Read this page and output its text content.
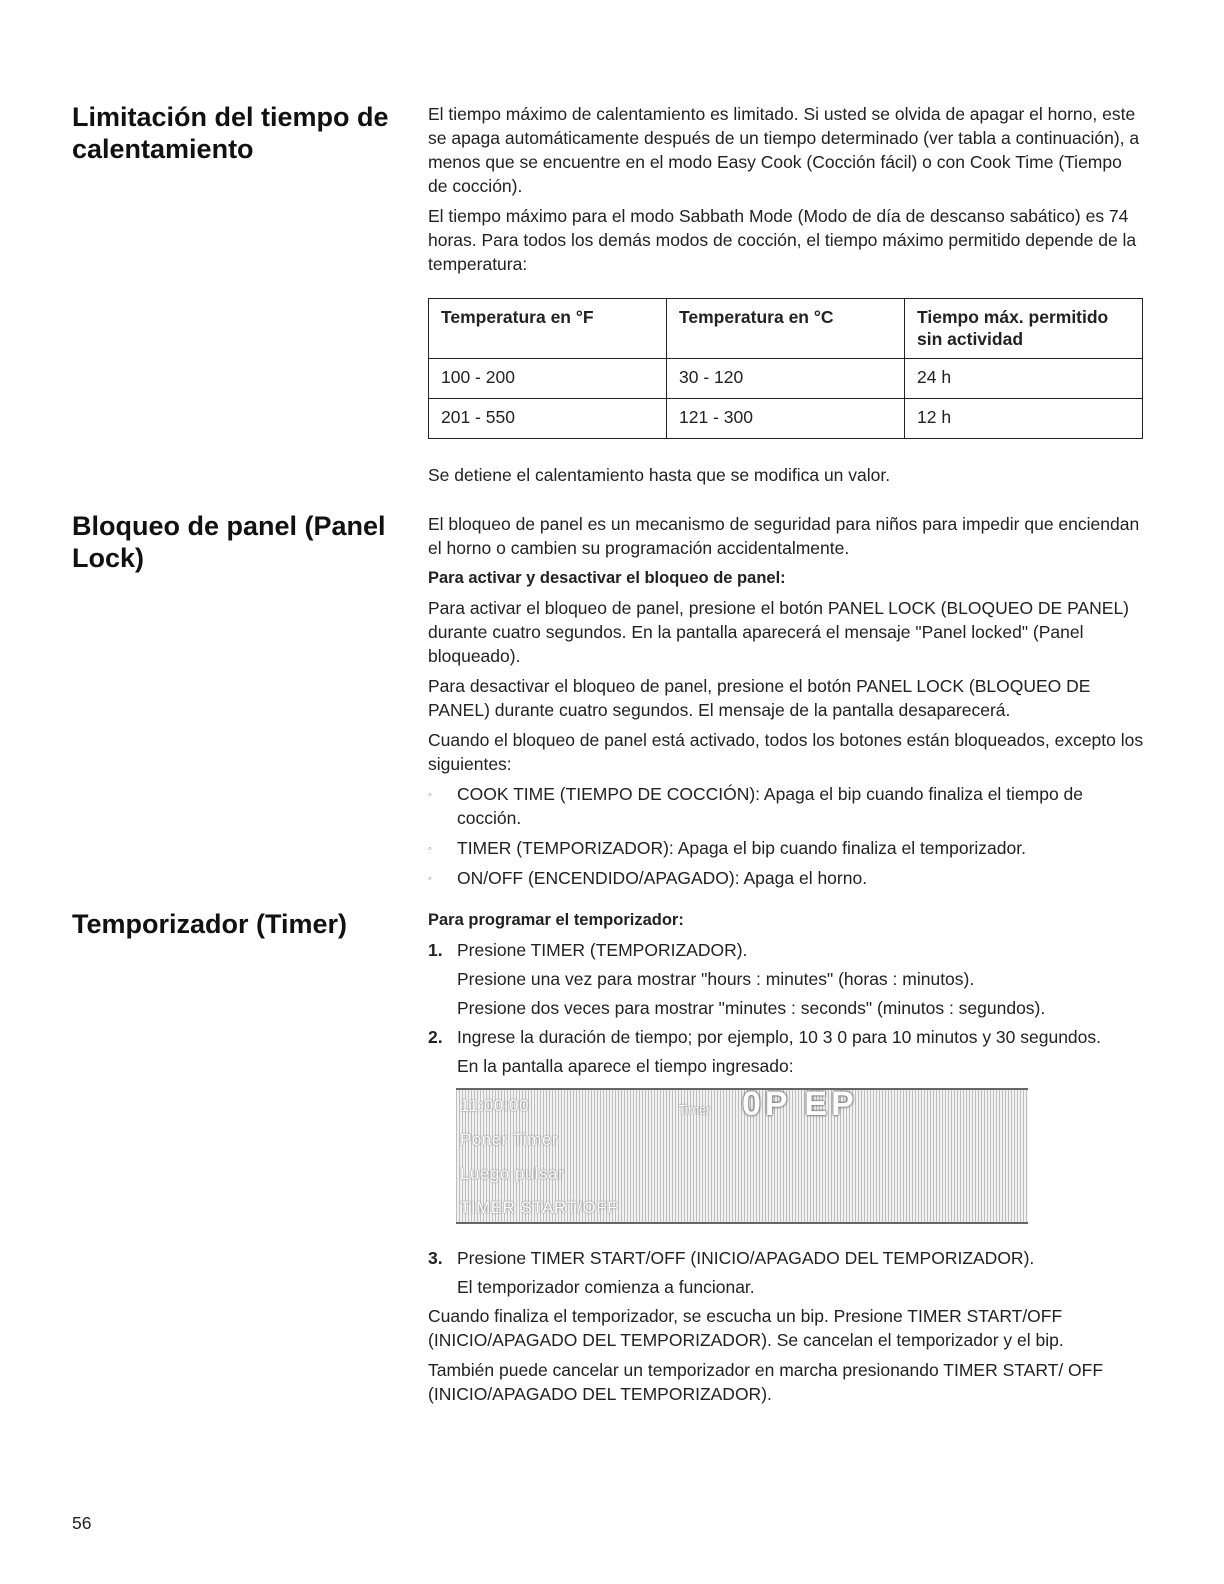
Limitación del tiempo de calentamiento

El tiempo máximo de calentamiento es limitado. Si usted se olvida de apagar el horno, este se apaga automáticamente después de un tiempo determinado (ver tabla a continuación), a menos que se encuentre en el modo Easy Cook (Cocción fácil) o con Cook Time (Tiempo de cocción).

El tiempo máximo para el modo Sabbath Mode (Modo de día de descanso sabático) es 74 horas. Para todos los demás modos de cocción, el tiempo máximo permitido depende de la temperatura:

Temperatura en °F	Temperatura en °C	Tiempo máx. permitido sin actividad
100 - 200	30 - 120	24 h
201 - 550	121 - 300	12 h

Se detiene el calentamiento hasta que se modifica un valor.

Bloqueo de panel (Panel Lock)

El bloqueo de panel es un mecanismo de seguridad para niños para impedir que enciendan el horno o cambien su programación accidentalmente.

Para activar y desactivar el bloqueo de panel:

Para activar el bloqueo de panel, presione el botón PANEL LOCK (BLOQUEO DE PANEL) durante cuatro segundos. En la pantalla aparecerá el mensaje "Panel locked" (Panel bloqueado).

Para desactivar el bloqueo de panel, presione el botón PANEL LOCK (BLOQUEO DE PANEL) durante cuatro segundos. El mensaje de la pantalla desaparecerá.

Cuando el bloqueo de panel está activado, todos los botones están bloqueados, excepto los siguientes:

◦ COOK TIME (TIEMPO DE COCCIÓN): Apaga el bip cuando finaliza el tiempo de cocción.
◦ TIMER (TEMPORIZADOR): Apaga el bip cuando finaliza el temporizador.
◦ ON/OFF (ENCENDIDO/APAGADO): Apaga el horno.
Temporizador (Timer)	Para programar el temporizador:

1. Presione TIMER (TEMPORIZADOR).

Presione una vez para mostrar "hours : minutes" (horas : minutos).

Presione dos veces para mostrar "minutes : seconds" (minutos : segundos).

2. Ingrese la duración de tiempo; por ejemplo, 10 3 0 para 10 minutos y 30 segundos.

En la pantalla aparece el tiempo ingresado:

11:00:00	Timer 0P EP
Poner Timer
Luego pulsar
TIMER START/OFF
3. Presione TIMER START/OFF (INICIO/APAGADO DEL TEMPORIZADOR).

El temporizador comienza a funcionar.

Cuando finaliza el temporizador, se escucha un bip. Presione TIMER START/OFF (INICIO/APAGADO DEL TEMPORIZADOR). Se cancelan el temporizador y el bip.

También puede cancelar un temporizador en marcha presionando TIMER START/ OFF (INICIO/APAGADO DEL TEMPORIZADOR).

56
